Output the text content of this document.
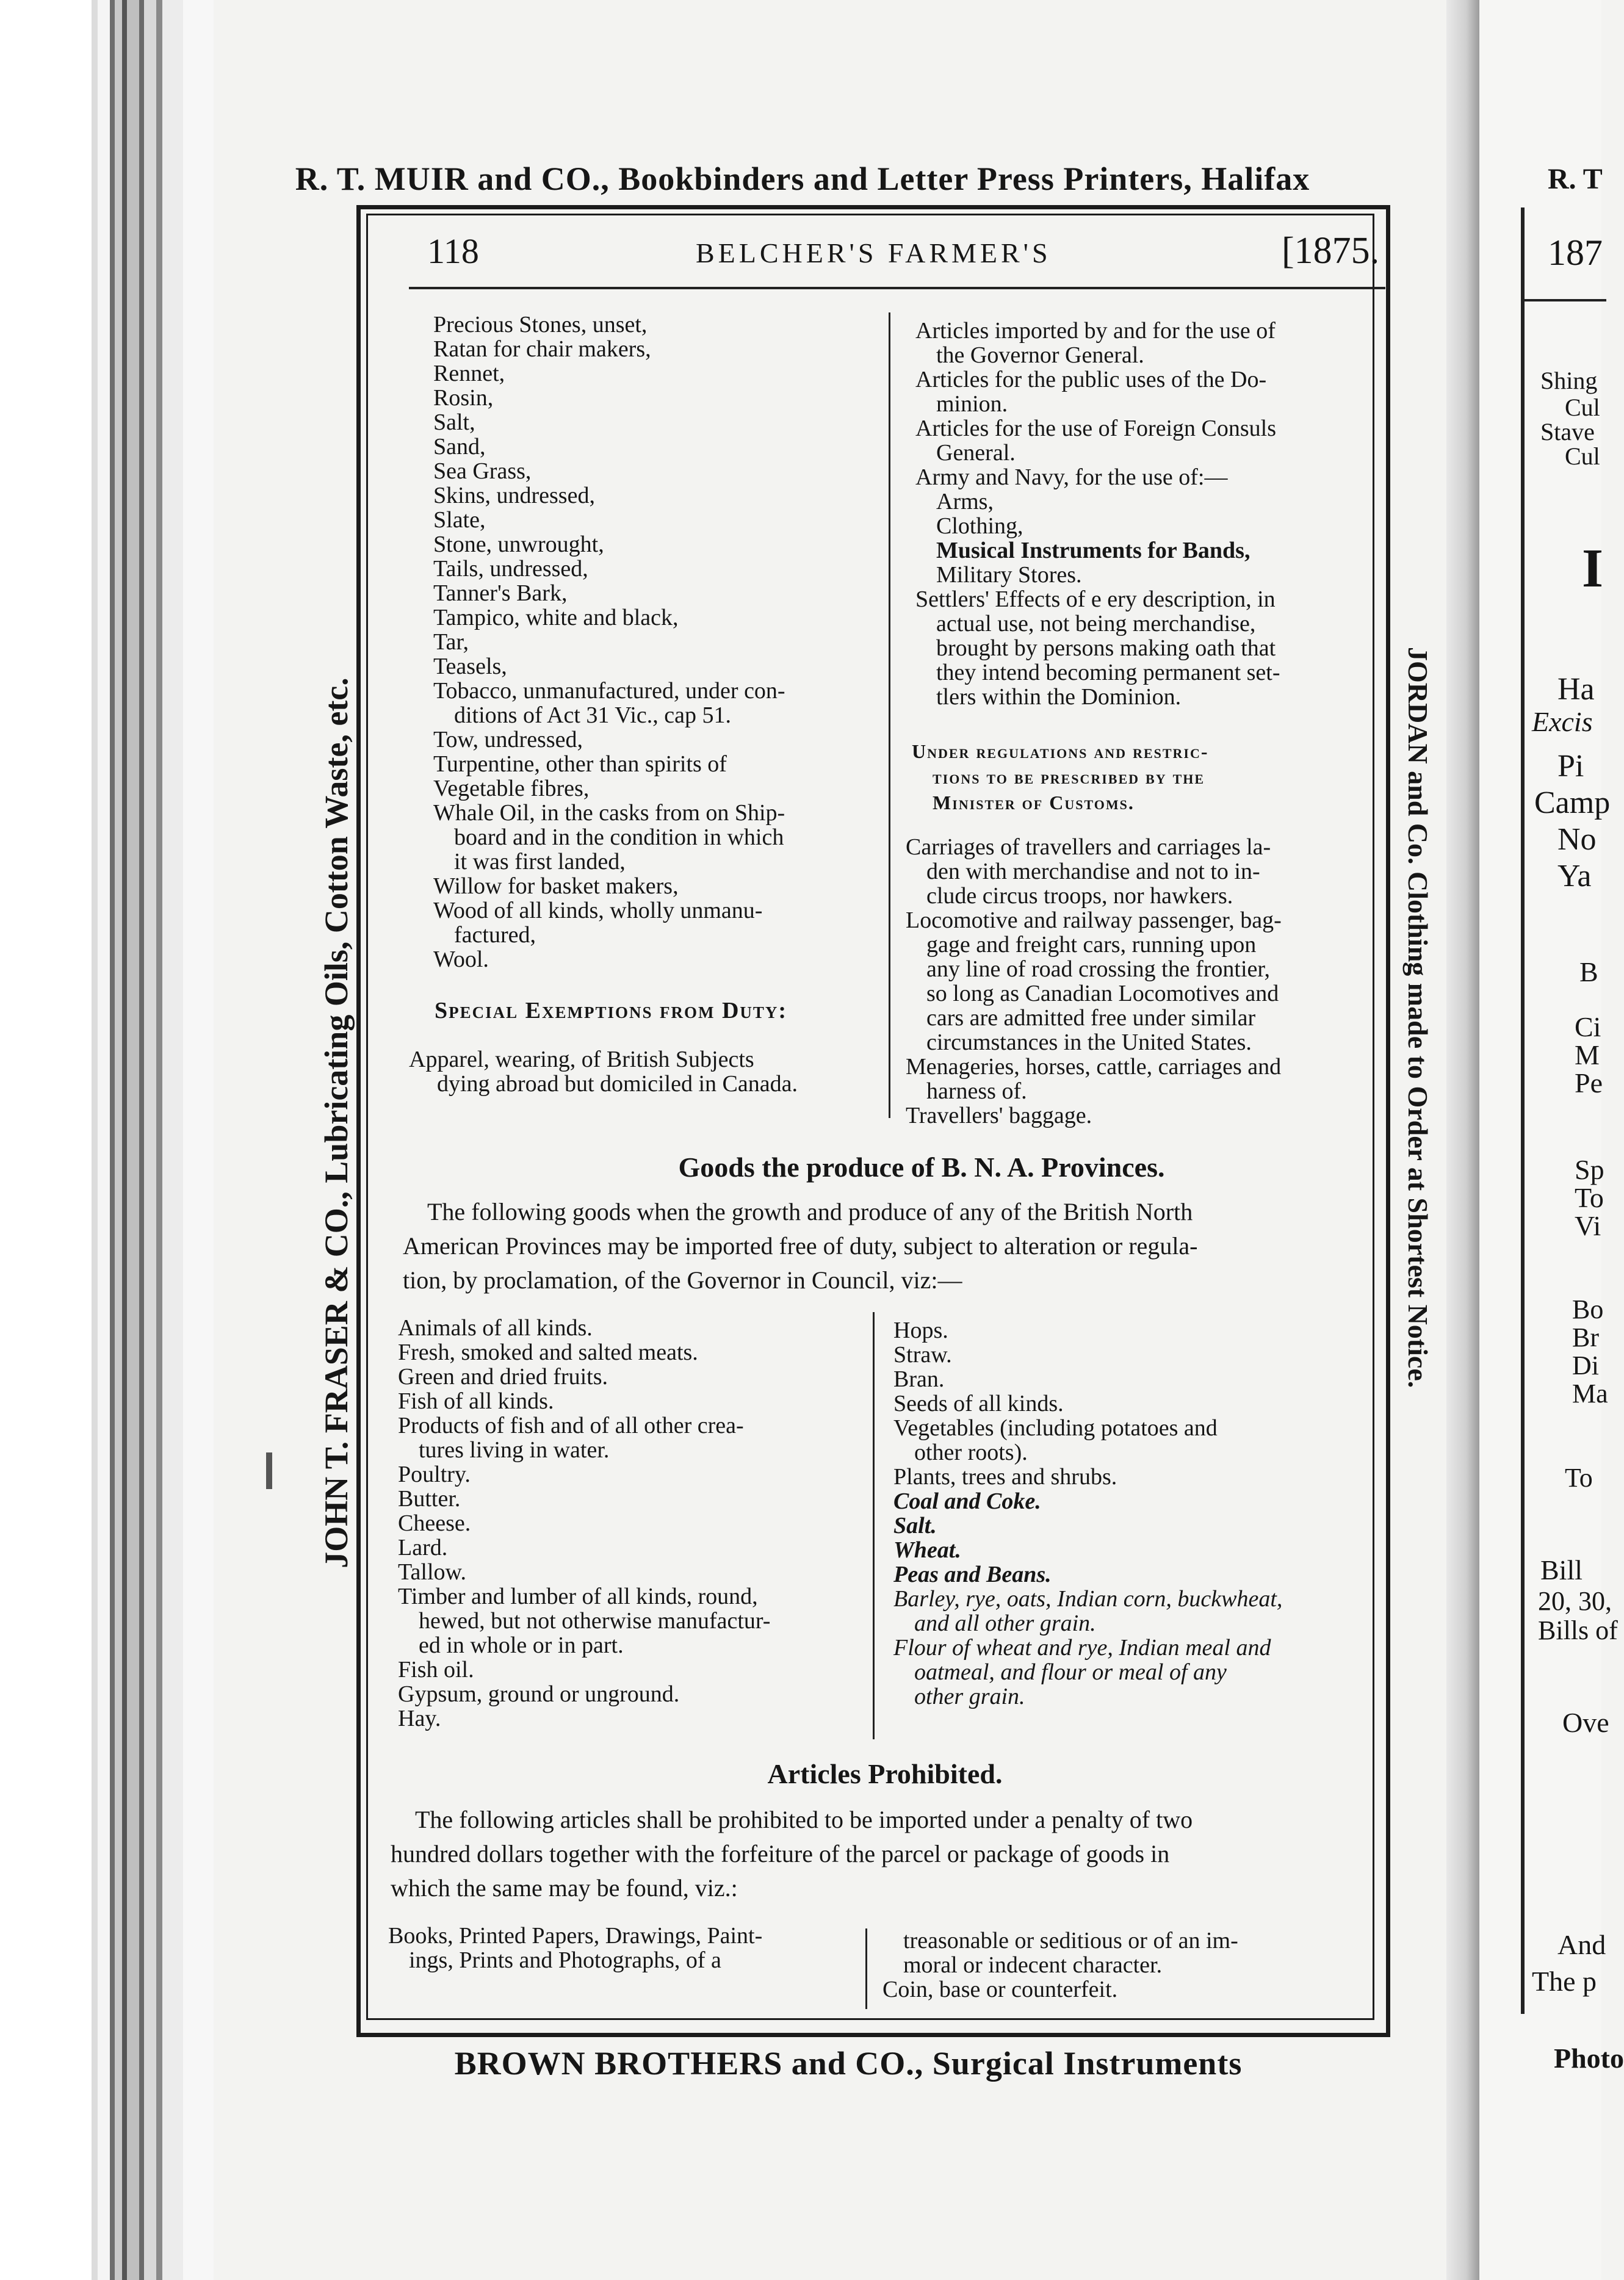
R. T. MUIR and CO., Bookbinders and Letter Press Printers, Halifax
JOHN T. FRASER & CO., Lubricating Oils, Cotton Waste, etc.	JORDAN and Co. Clothing made to Order at Shortest Notice.
118	BELCHER'S FARMER'S	[1875.
Precious Stones, unset,
Ratan for chair makers,
Rennet,
Rosin,
Salt,
Sand,
Sea Grass,
Skins, undressed,
Slate,
Stone, unwrought,
Tails, undressed,
Tanner's Bark,
Tampico, white and black,
Tar,
Teasels,
Tobacco, unmanufactured, under con-
ditions of Act 31 Vic., cap 51.
Tow, undressed,
Turpentine, other than spirits of
Vegetable fibres,
Whale Oil, in the casks from on Ship-
board and in the condition in which
it was first landed,
Willow for basket makers,
Wood of all kinds, wholly unmanu-
factured,
Wool.
Special Exemptions from Duty:
Apparel, wearing, of British Subjects
dying abroad but domiciled in Canada.
Articles imported by and for the use of
the Governor General.
Articles for the public uses of the Do-
minion.
Articles for the use of Foreign Consuls
General.
Army and Navy, for the use of:—
Arms,
Clothing,
Musical Instruments for Bands,
Military Stores.
Settlers' Effects of e ery description, in
actual use, not being merchandise,
brought by persons making oath that
they intend becoming permanent set-
tlers within the Dominion.
Under regulations and restric-
tions to be prescribed by the
Minister of Customs.
Carriages of travellers and carriages la-
den with merchandise and not to in-
clude circus troops, nor hawkers.
Locomotive and railway passenger, bag-
gage and freight cars, running upon
any line of road crossing the frontier,
so long as Canadian Locomotives and
cars are admitted free under similar
circumstances in the United States.
Menageries, horses, cattle, carriages and
harness of.
Travellers' baggage.
Goods the produce of B. N. A. Provinces.
The following goods when the growth and produce of any of the British North
American Provinces may be imported free of duty, subject to alteration or regula-
tion, by proclamation, of the Governor in Council, viz:—
Animals of all kinds.
Fresh, smoked and salted meats.
Green and dried fruits.
Fish of all kinds.
Products of fish and of all other crea-
tures living in water.
Poultry.
Butter.
Cheese.
Lard.
Tallow.
Timber and lumber of all kinds, round,
hewed, but not otherwise manufactur-
ed in whole or in part.
Fish oil.
Gypsum, ground or unground.
Hay.
Hops.
Straw.
Bran.
Seeds of all kinds.
Vegetables (including potatoes and
other roots).
Plants, trees and shrubs.
Coal and Coke.
Salt.
Wheat.
Peas and Beans.
Barley, rye, oats, Indian corn, buckwheat,
and all other grain.
Flour of wheat and rye, Indian meal and
oatmeal, and flour or meal of any
other grain.
Articles Prohibited.
The following articles shall be prohibited to be imported under a penalty of two
hundred dollars together with the forfeiture of the parcel or package of goods in
which the same may be found, viz.:
Books, Printed Papers, Drawings, Paint-
ings, Prints and Photographs, of a
treasonable or seditious or of an im-
moral or indecent character.
Coin, base or counterfeit.
BROWN BROTHERS and CO., Surgical Instruments
R. T
187
Shing
Cul
Stave
Cul
I
Ha
Excis
Pi
Camp
No
Ya
B
Ci
M
Pe
Sp
To
Vi
Bo
Br
Di
Ma
To
Bill
20, 30,
Bills of
Ove
And
The p
Photo
